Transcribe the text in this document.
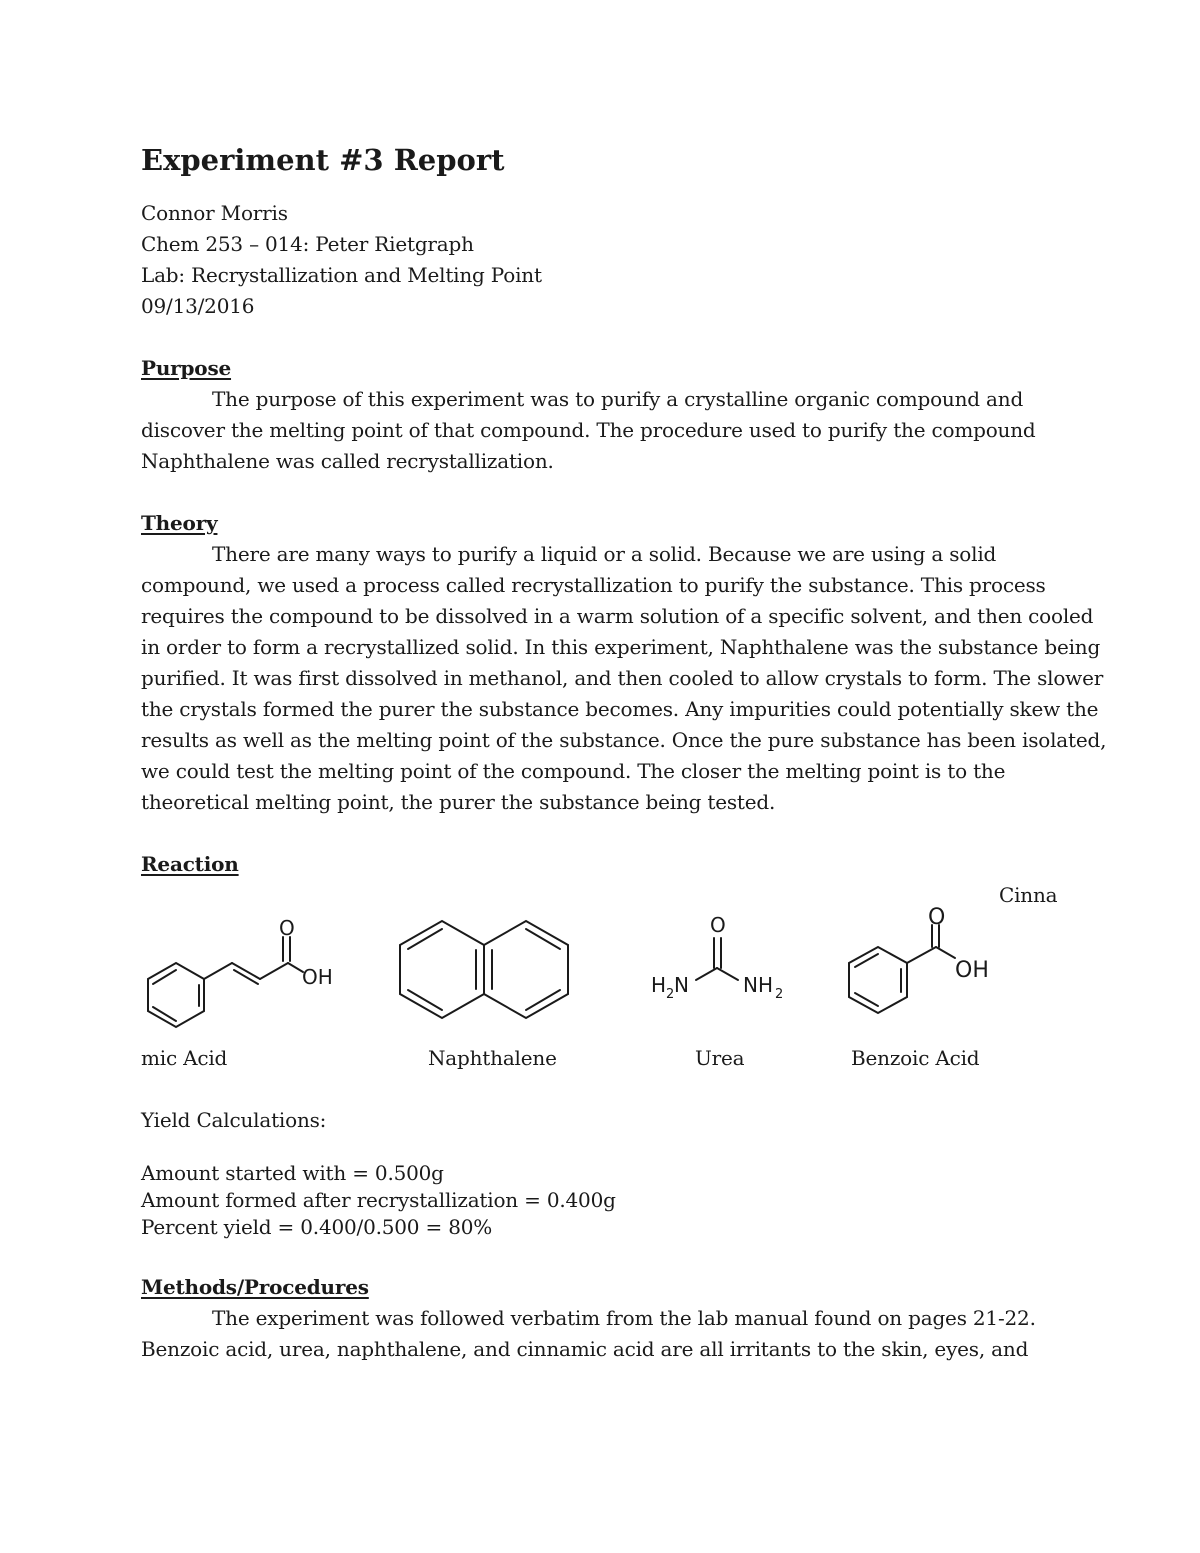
Experiment #3 Report
Connor Morris
Chem 253 – 014: Peter Rietgraph
Lab: Recrystallization and Melting Point
09/13/2016
Purpose

The purpose of this experiment was to purify a crystalline organic compound and

discover the melting point of that compound. The procedure used to purify the compound

Naphthalene was called recrystallization.

Theory

There are many ways to purify a liquid or a solid. Because we are using a solid

compound, we used a process called recrystallization to purify the substance. This process

requires the compound to be dissolved in a warm solution of a specific solvent, and then cooled

in order to form a recrystallized solid. In this experiment, Naphthalene was the substance being

purified. It was first dissolved in methanol, and then cooled to allow crystals to form. The slower

the crystals formed the purer the substance becomes. Any impurities could potentially skew the

results as well as the melting point of the substance. Once the pure substance has been isolated,

we could test the melting point of the compound. The closer the melting point is to the

theoretical melting point, the purer the substance being tested.

Reaction
Cinna
O
OH
O
H 2 N	NH 2
O
OH
mic Acid	Naphthalene	Urea	Benzoic Acid
Yield Calculations:
Amount started with = 0.500g
Amount formed after recrystallization = 0.400g
Percent yield = 0.400/0.500 = 80%
Methods/Procedures

The experiment was followed verbatim from the lab manual found on pages 21-22.

Benzoic acid, urea, naphthalene, and cinnamic acid are all irritants to the skin, eyes, and
